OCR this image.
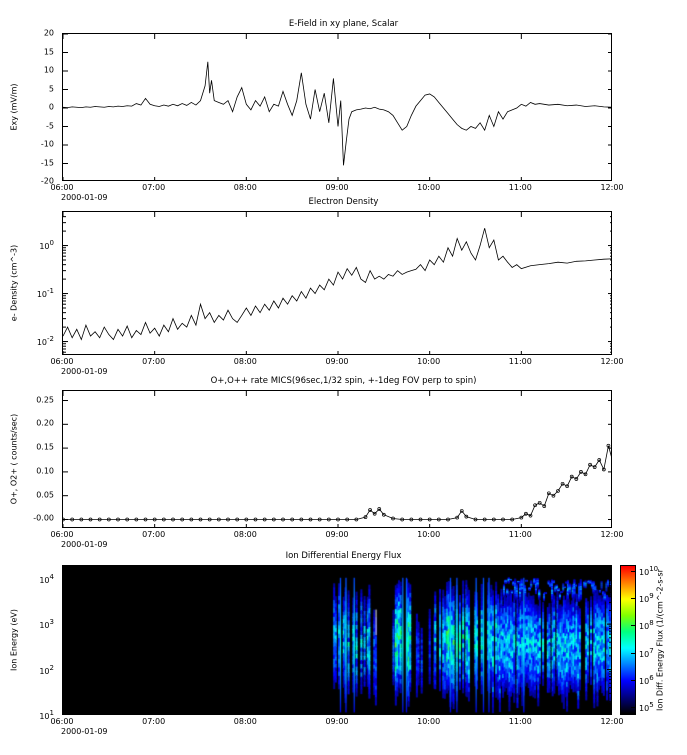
E-Field in xy plane, Scalar
Exy (mV/m)
06:00	07:00	08:00	09:00	10:00	11:00	12:00
2000-01-09
20
15
10
5
0
-5
-10
-15
-20
Electron Density
e- Density (cm^-3)
06:00	07:00	08:00	09:00	10:00	11:00	12:00
2000-01-09
100
10-1
10-2
O+,O++ rate MICS(96sec,1/32 spin, +-1deg FOV perp to spin)
O+, O2+ ( counts/sec)
06:00	07:00	08:00	09:00	10:00	11:00	12:00
2000-01-09
0.25
0.20
0.15
0.10
0.05
-0.00
Ion Differential Energy Flux
Ion Energy (eV)	Ion Diff. Energy Flux (1/(cm^-2-s-sr
06:00	07:00	08:00	09:00	10:00	11:00	12:00
2000-01-09
104
103
102
101
1010
109
108
107
106
105
